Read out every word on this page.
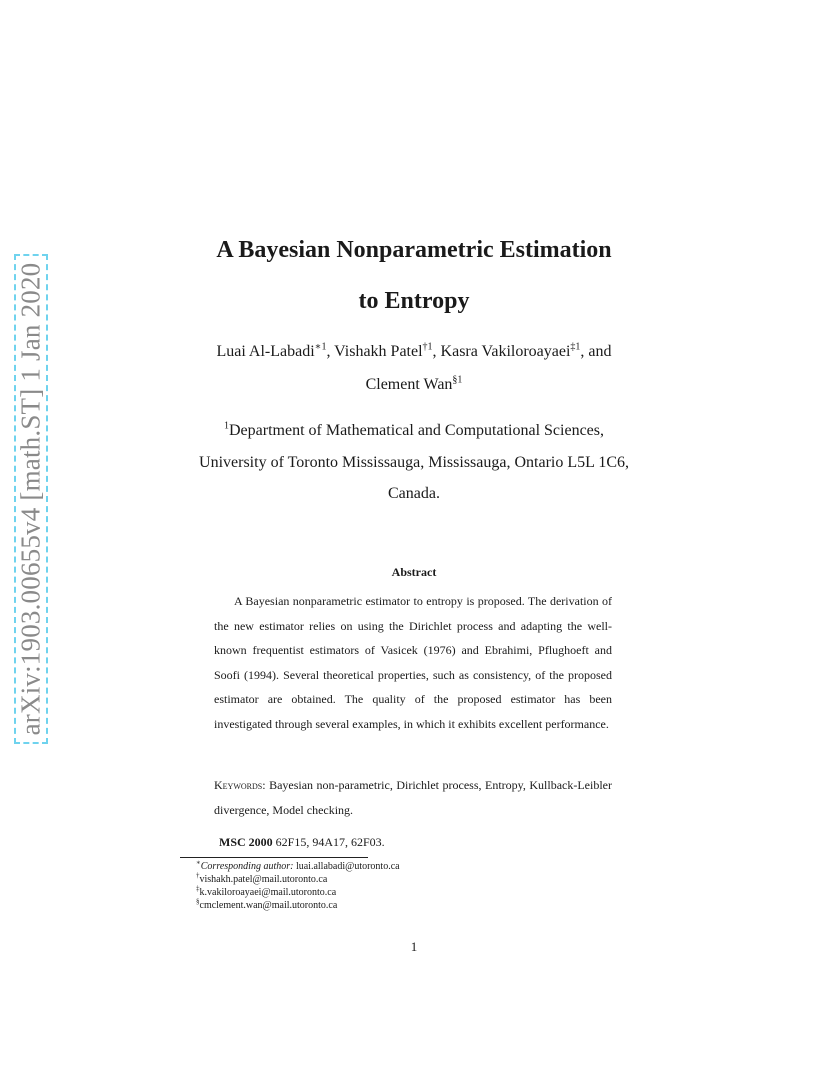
arXiv:1903.00655v4 [math.ST] 1 Jan 2020
A Bayesian Nonparametric Estimation
to Entropy
Luai Al-Labadi$^{∗1}$, Vishakh Patel$^{\dagger 1}$, Kasra Vakiloroayaei$^{\ddagger 1}$, and
Clement Wan$^{\S 1}$
$^1$Department of Mathematical and Computational Sciences,
University of Toronto Mississauga, Mississauga, Ontario L5L 1C6,
Canada.
Abstract

A Bayesian nonparametric estimator to entropy is proposed. The derivation of the new estimator relies on using the Dirichlet process and adapting the well-known frequentist estimators of Vasicek (1976) and Ebrahimi, Pflughoeft and Soofi (1994). Several theoretical properties, such as consistency, of the proposed estimator are obtained. The quality of the proposed estimator has been investigated through several examples, in which it exhibits excellent performance.

Keywords: Bayesian non-parametric, Dirichlet process, Entropy, Kullback-Leibler divergence, Model checking.
MSC 2000 62F15, 94A17, 62F03.
∗Corresponding author: luai.allabadi@utoronto.ca
†vishakh.patel@mail.utoronto.ca
‡k.vakiloroayaei@mail.utoronto.ca
§cmclement.wan@mail.utoronto.ca
1
